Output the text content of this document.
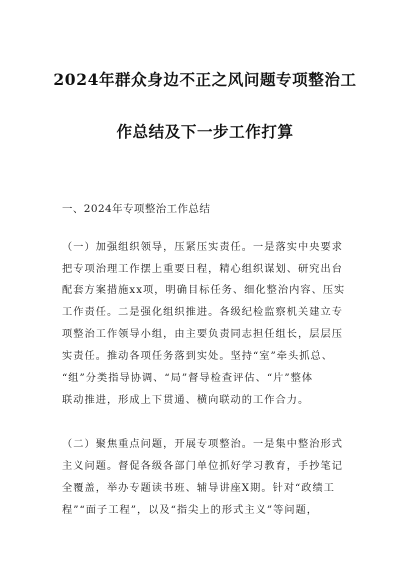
2024年群众身边不正之风问题专项整治工
作总结及下一步工作打算
一、2024年专项整治工作总结
（一）加强组织领导，压紧压实责任。一是落实中央要求
把专项治理工作摆上重要日程，精心组织谋划、研究出台
配套方案措施xx项，明确目标任务、细化整治内容、压实
工作责任。二是强化组织推进。各级纪检监察机关建立专
项整治工作领导小组，由主要负责同志担任组长，层层压
实责任。推动各项任务落到实处。坚持“室”牵头抓总、
“组”分类指导协调、“局”督导检查评估、“片”整体
联动推进，形成上下贯通、横向联动的工作合力。
（二）聚焦重点问题，开展专项整治。一是集中整治形式
主义问题。督促各级各部门单位抓好学习教育，手抄笔记
全覆盖，举办专题读书班、辅导讲座X期。针对“政绩工
程”“面子工程”，以及“指尖上的形式主义”等问题，
